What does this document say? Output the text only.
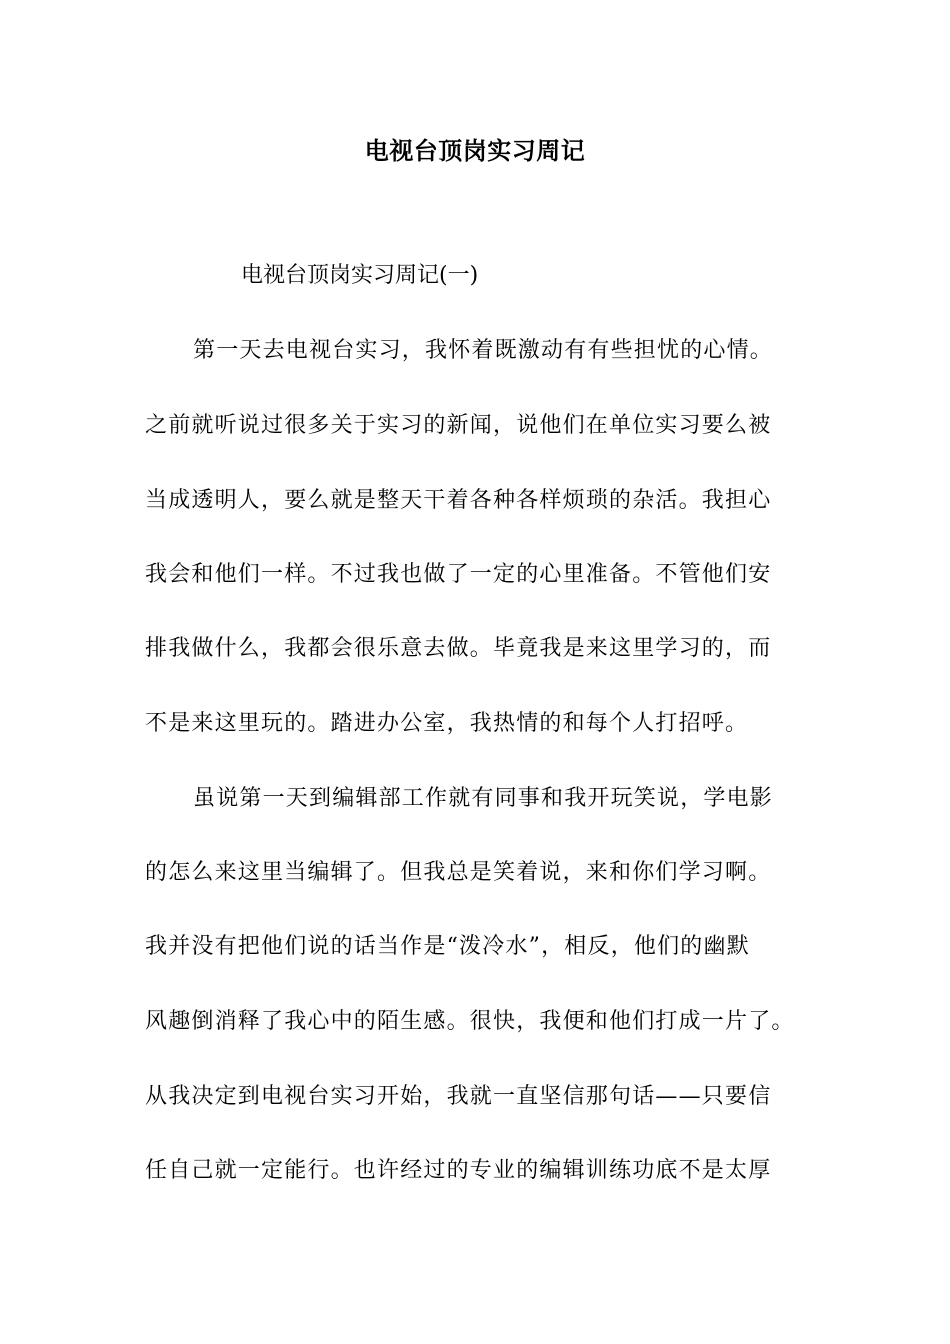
电视台顶岗实习周记
电视台顶岗实习周记(一)
第一天去电视台实习，我怀着既激动有有些担忧的心情。
之前就听说过很多关于实习的新闻，说他们在单位实习要么被
当成透明人，要么就是整天干着各种各样烦琐的杂活。我担心
我会和他们一样。不过我也做了一定的心里准备。不管他们安
排我做什么，我都会很乐意去做。毕竟我是来这里学习的，而
不是来这里玩的。踏进办公室，我热情的和每个人打招呼。
虽说第一天到编辑部工作就有同事和我开玩笑说，学电影
的怎么来这里当编辑了。但我总是笑着说，来和你们学习啊。
我并没有把他们说的话当作是“泼冷水”，相反，他们的幽默
风趣倒消释了我心中的陌生感。很快，我便和他们打成一片了。
从我决定到电视台实习开始，我就一直坚信那句话——只要信
任自己就一定能行。也许经过的专业的编辑训练功底不是太厚
